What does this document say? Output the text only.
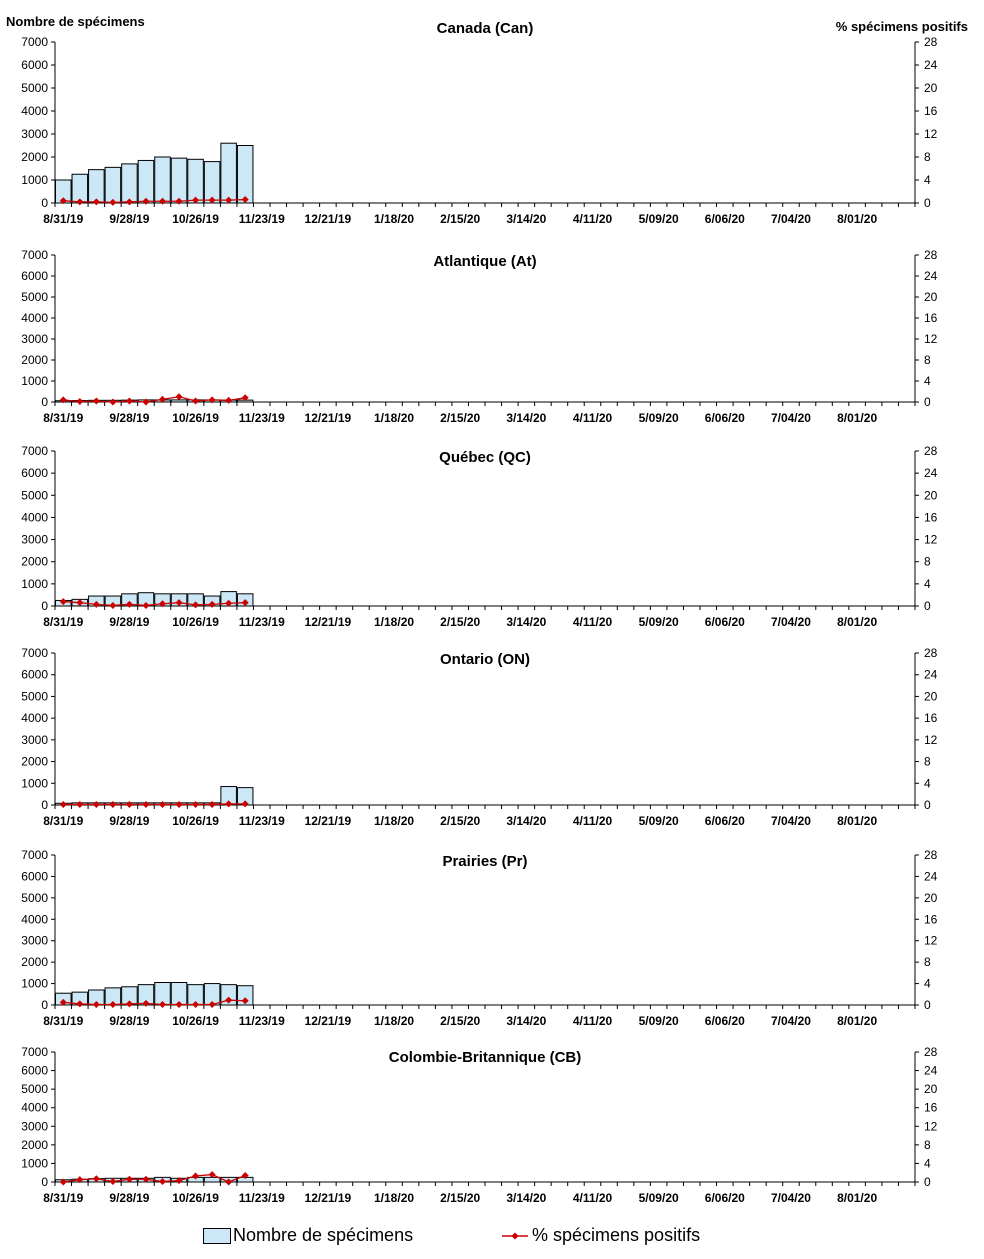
Canada (Can)
0
1000
2000
3000
4000
5000
6000
7000
0
4
8
12
16
20
24
28
8/31/19 9/28/19 10/26/19 11/23/19 12/21/19 1/18/20 2/15/20 3/14/20 4/11/20 5/09/20 6/06/20 7/04/20 8/01/20
Atlantique (At)
0
1000
2000
3000
4000
5000
6000
7000
0
4
8
12
16
20
24
28
8/31/19 9/28/19 10/26/19 11/23/19 12/21/19 1/18/20 2/15/20 3/14/20 4/11/20 5/09/20 6/06/20 7/04/20 8/01/20
Québec (QC)
0
1000
2000
3000
4000
5000
6000
7000
0
4
8
12
16
20
24
28
8/31/19 9/28/19 10/26/19 11/23/19 12/21/19 1/18/20 2/15/20 3/14/20 4/11/20 5/09/20 6/06/20 7/04/20 8/01/20
Ontario (ON)
0
1000
2000
3000
4000
5000
6000
7000
0
4
8
12
16
20
24
28
8/31/19 9/28/19 10/26/19 11/23/19 12/21/19 1/18/20 2/15/20 3/14/20 4/11/20 5/09/20 6/06/20 7/04/20 8/01/20
Prairies (Pr)
0
1000
2000
3000
4000
5000
6000
7000
0
4
8
12
16
20
24
28
8/31/19 9/28/19 10/26/19 11/23/19 12/21/19 1/18/20 2/15/20 3/14/20 4/11/20 5/09/20 6/06/20 7/04/20 8/01/20
Colombie-Britannique (CB)
0
1000
2000
3000
4000
5000
6000
7000
0
4
8
12
16
20
24
28
8/31/19 9/28/19 10/26/19 11/23/19 12/21/19 1/18/20 2/15/20 3/14/20 4/11/20 5/09/20 6/06/20 7/04/20 8/01/20
Nombre de spécimens	% spécimens positifs
Nombre de spécimens	% spécimens positifs
